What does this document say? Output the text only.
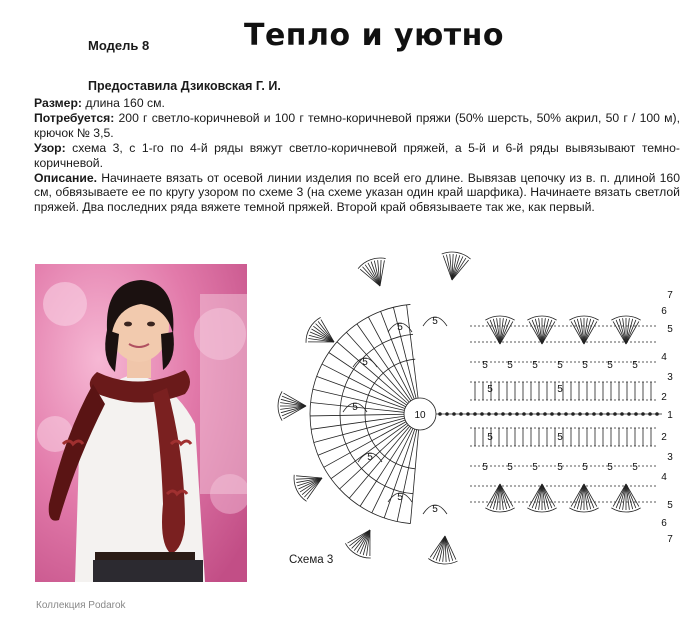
Модель 8	Тепло и уютно
Предоставила Дзиковская Г. И.

Размер: длина 160 см.

Потребуется: 200 г светло-коричневой и 100 г темно-коричневой пряжи (50% шерсть, 50% акрил, 50 г / 100 м), крючок № 3,5.

Узор: схема 3, с 1-го по 4-й ряды вяжут светло-коричневой пряжей, а 5-й и 6-й ряды вывязывают темно-коричневой.

Описание. Начинаете вязать от осевой линии изделия по всей его длине. Вывязав цепочку из в. п. длиной 160 см, обвязываете ее по кругу узором по схеме 3 (на схеме указан один край шарфика). Начинаете вязать светлой пряжей. Два последних ряда вяжете темной пряжей. Второй край обвязываете так же, как первый.

10
5
5
5
5
5
5
5
5
5
5
5
5
5
5
5
5
5
5
5
5
5
5
5
5
5
1
2
2
3
3
4
4
5
5
6
6
7
7
Схема 3
Коллекция Podarok
